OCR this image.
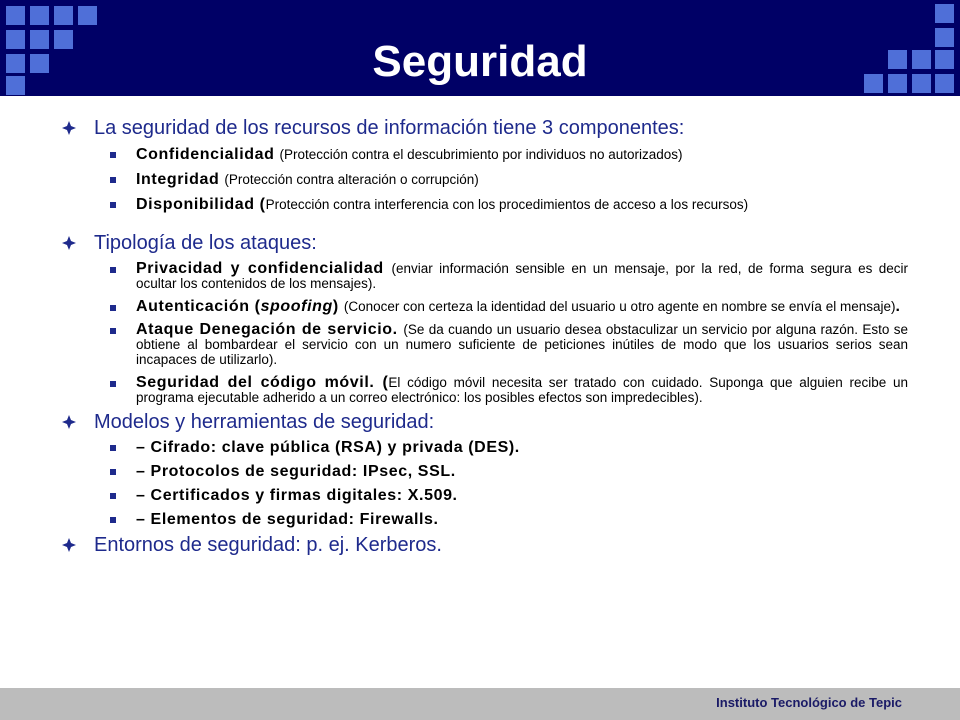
Seguridad
La seguridad de los recursos de información tiene 3 componentes:
Confidencialidad (Protección contra el descubrimiento por individuos no autorizados)
Integridad (Protección contra alteración o corrupción)
Disponibilidad (Protección contra interferencia con los procedimientos de acceso a los recursos)
Tipología de los ataques:
Privacidad y confidencialidad (enviar información sensible en un mensaje, por la red, de forma segura es decir ocultar los contenidos de los mensajes).
Autenticación (spoofing) (Conocer con certeza la identidad del usuario u otro agente en nombre se envía el mensaje).
Ataque Denegación de servicio. (Se da cuando un usuario desea obstaculizar un servicio por alguna razón. Esto se obtiene al bombardear el servicio con un numero suficiente de peticiones inútiles de modo que los usuarios serios sean incapaces de utilizarlo).
Seguridad del código móvil. (El código móvil necesita ser tratado con cuidado. Suponga que alguien recibe un programa ejecutable adherido a un correo electrónico: los posibles efectos son impredecibles).
Modelos y herramientas de seguridad:
– Cifrado: clave pública (RSA) y privada (DES).
– Protocolos de seguridad: IPsec, SSL.
– Certificados y firmas digitales: X.509.
– Elementos de seguridad: Firewalls.
Entornos de seguridad: p. ej. Kerberos.
Instituto Tecnológico de Tepic
